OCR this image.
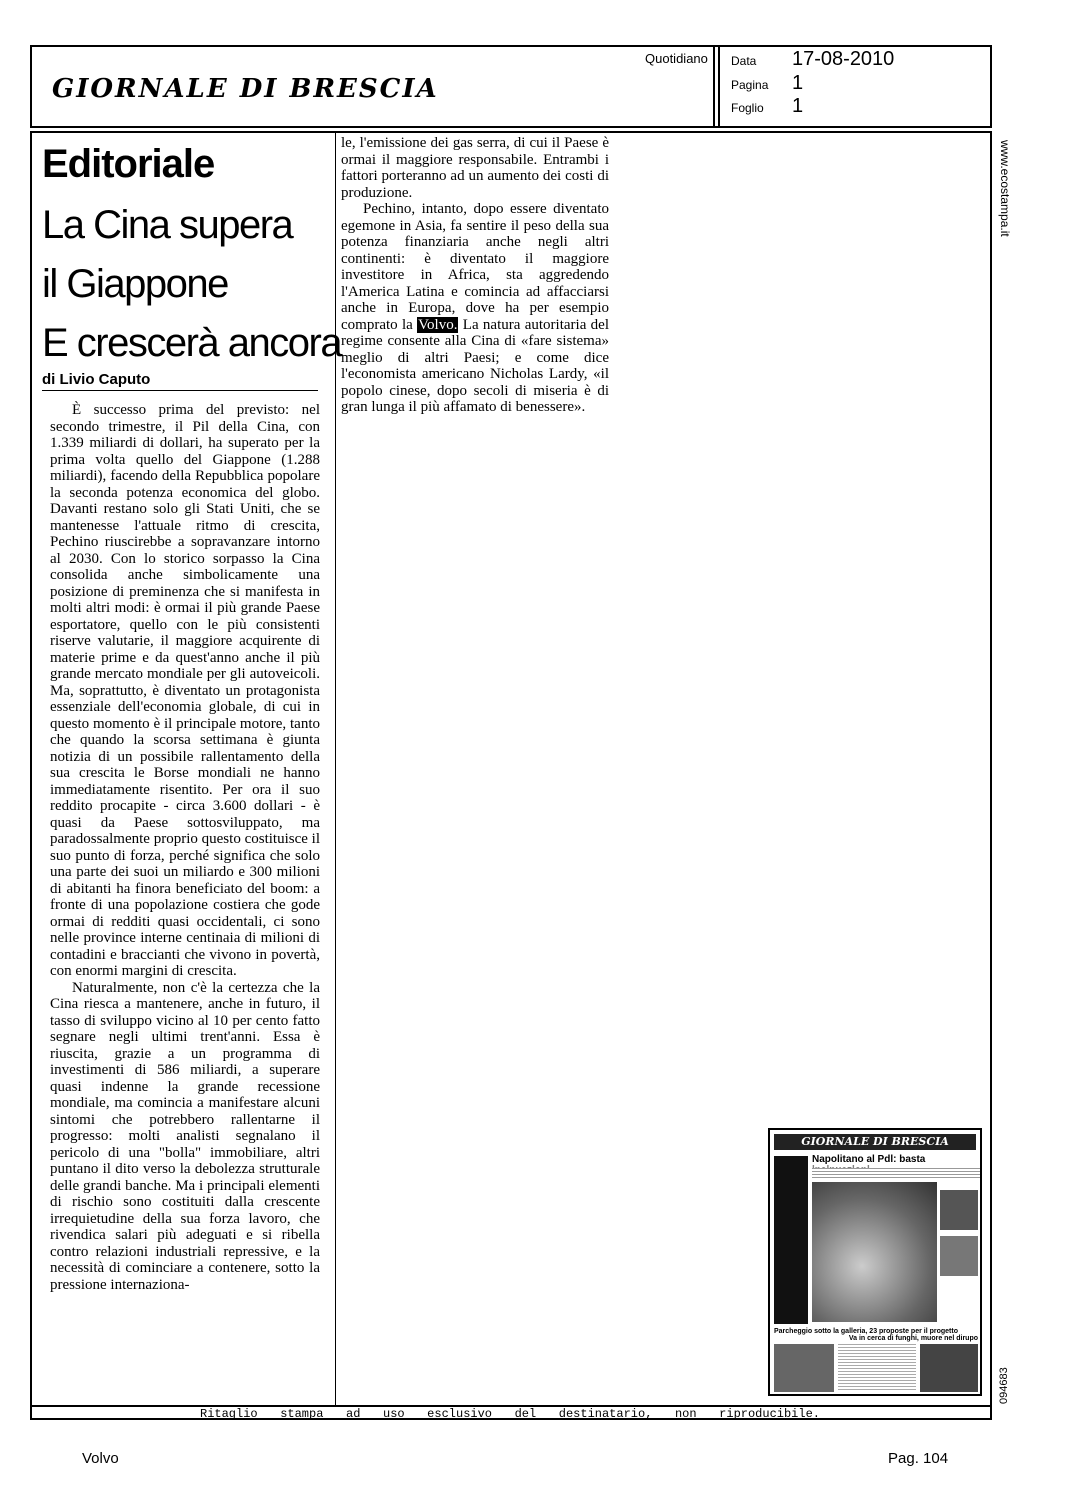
GIORNALE DI BRESCIA
Quotidiano Data 17-08-2010
Pagina 1
Foglio 1
Editoriale
La Cina supera
il Giappone
E crescerà ancora
di Livio Caputo

È successo prima del previsto: nel secondo trimestre, il Pil della Cina, con 1.339 miliardi di dollari, ha superato per la prima volta quello del Giappone (1.288 miliardi), facendo della Repubblica popolare la seconda potenza economica del globo. Davanti restano solo gli Stati Uniti, che se mantenesse l'attuale ritmo di crescita, Pechino riuscirebbe a sopravanzare intorno al 2030. Con lo storico sorpasso la Cina consolida anche simbolicamente una posizione di preminenza che si manifesta in molti altri modi: è ormai il più grande Paese esportatore, quello con le più consistenti riserve valutarie, il maggiore acquirente di materie prime e da quest'anno anche il più grande mercato mondiale per gli autoveicoli. Ma, soprattutto, è diventato un protagonista essenziale dell'economia globale, di cui in questo momento è il principale motore, tanto che quando la scorsa settimana è giunta notizia di un possibile rallentamento della sua crescita le Borse mondiali ne hanno immediatamente risentito. Per ora il suo reddito procapite - circa 3.600 dollari - è quasi da Paese sottosviluppato, ma paradossalmente proprio questo costituisce il suo punto di forza, perché significa che solo una parte dei suoi un miliardo e 300 milioni di abitanti ha finora beneficiato del boom: a fronte di una popolazione costiera che gode ormai di redditi quasi occidentali, ci sono nelle province interne centinaia di milioni di contadini e braccianti che vivono in povertà, con enormi margini di crescita.

Naturalmente, non c'è la certezza che la Cina riesca a mantenere, anche in futuro, il tasso di sviluppo vicino al 10 per cento fatto segnare negli ultimi trent'anni. Essa è riuscita, grazie a un programma di investimenti di 586 miliardi, a superare quasi indenne la grande recessione mondiale, ma comincia a manifestare alcuni sintomi che potrebbero rallentarne il progresso: molti analisti segnalano il pericolo di una "bolla" immobiliare, altri puntano il dito verso la debolezza strutturale delle grandi banche. Ma i principali elementi di rischio sono costituiti dalla crescente irrequietudine della sua forza lavoro, che rivendica salari più adeguati e si ribella contro relazioni industriali repressive, e la necessità di cominciare a contenere, sotto la pressione internaziona-

le, l'emissione dei gas serra, di cui il Paese è ormai il maggiore responsabile. Entrambi i fattori porteranno ad un aumento dei costi di produzione.

Pechino, intanto, dopo essere diventato egemone in Asia, fa sentire il peso della sua potenza finanziaria anche negli altri continenti: è diventato il maggiore investitore in Africa, sta aggredendo l'America Latina e comincia ad affacciarsi anche in Europa, dove ha per esempio comprato la Volvo. La natura autoritaria del regime consente alla Cina di «fare sistema» meglio di altri Paesi; e come dice l'economista americano Nicholas Lardy, «il popolo cinese, dopo secoli di miseria è di gran lunga il più affamato di benessere».

GIORNALE DI BRESCIA
Napolitano al Pdl: basta
Parcheggio sotto la galleria, 23 proposte per il progetto
Va in cerca di funghi, muore nel dirupo
www.ecostampa.it
094683
Ritaglio stampa ad uso esclusivo del destinatario, non riproducibile.
Volvo	Pag. 104
